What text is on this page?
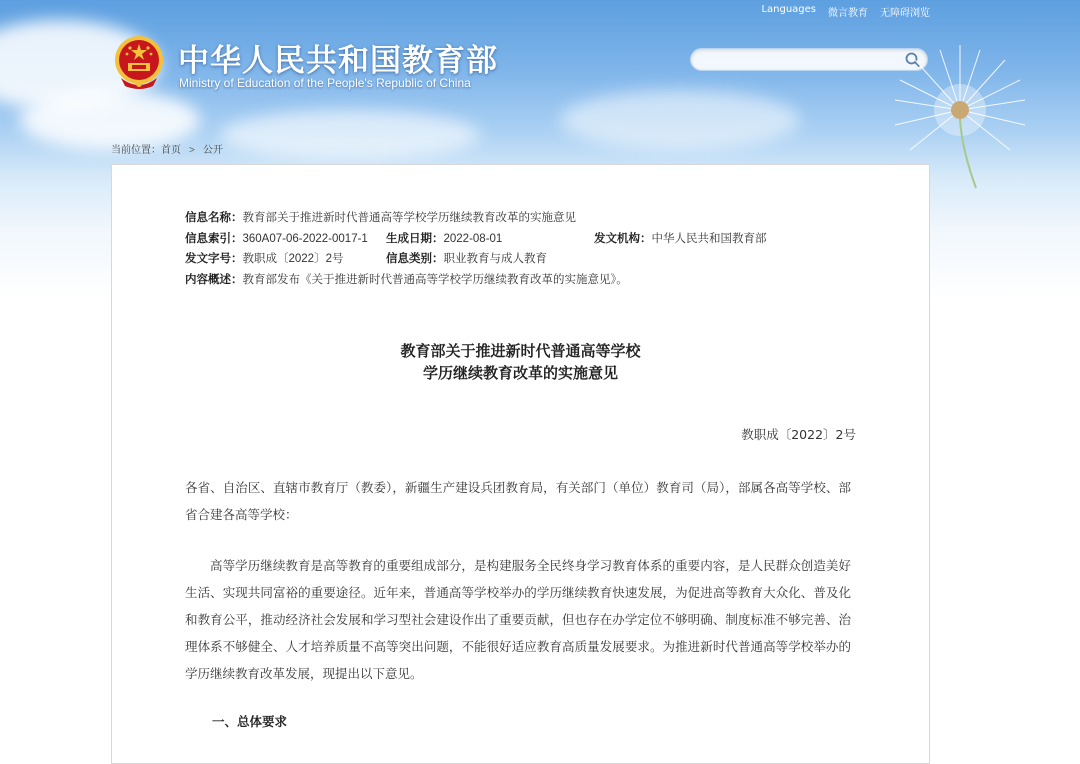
中华人民共和国教育部
Ministry of Education of the People's Republic of China
Languages 微言教育 无障碍浏览
当前位置：首页 > 公开
信息名称：教育部关于推进新时代普通高等学校学历继续教育改革的实施意见
信息索引：360A07-06-2022-0017-1 生成日期：2022-08-01	发文机构：中华人民共和国教育部
发文字号：教职成〔2022〕2号	信息类别：职业教育与成人教育
内容概述：教育部发布《关于推进新时代普通高等学校学历继续教育改革的实施意见》。
教育部关于推进新时代普通高等学校
学历继续教育改革的实施意见
教职成〔2022〕2号
各省、自治区、直辖市教育厅（教委），新疆生产建设兵团教育局，有关部门（单位）教育司（局），部属各高等学校、部省合建各高等学校：
高等学历继续教育是高等教育的重要组成部分，是构建服务全民终身学习教育体系的重要内容，是人民群众创造美好生活、实现共同富裕的重要途径。近年来，普通高等学校举办的学历继续教育快速发展，为促进高等教育大众化、普及化和教育公平，推动经济社会发展和学习型社会建设作出了重要贡献，但也存在办学定位不够明确、制度标准不够完善、治理体系不够健全、人才培养质量不高等突出问题，不能很好适应教育高质量发展要求。为推进新时代普通高等学校举办的学历继续教育改革发展，现提出以下意见。
一、总体要求
